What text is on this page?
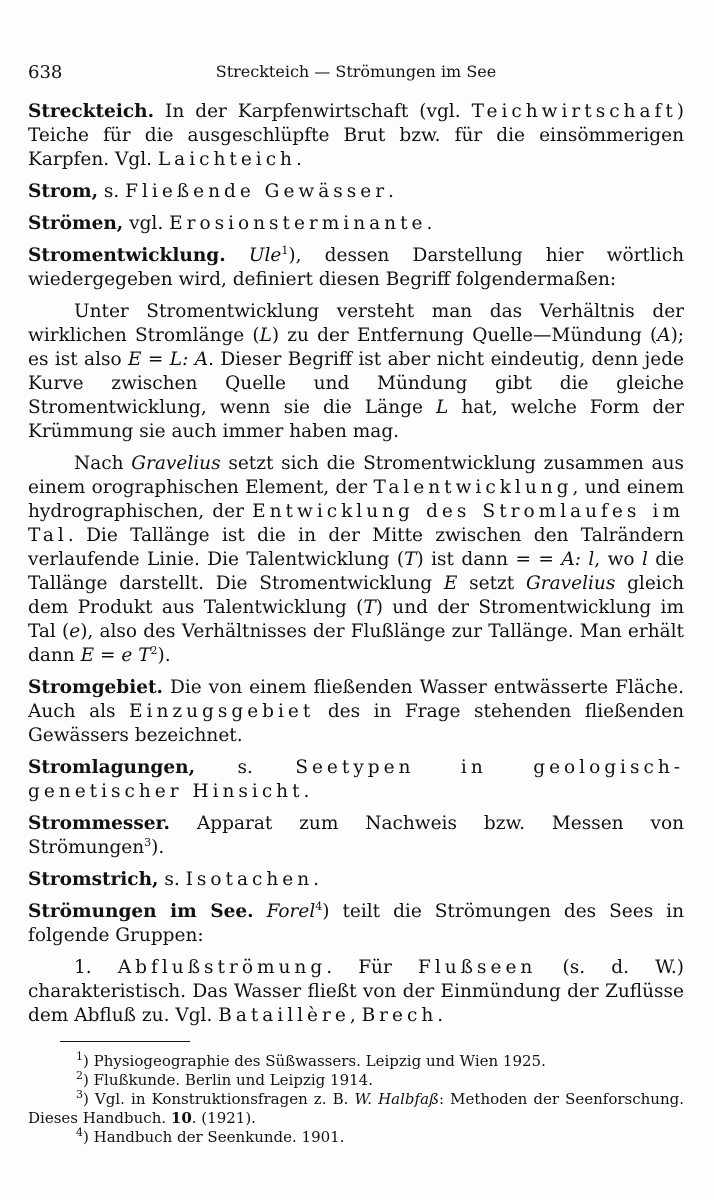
638	Streckteich — Strömungen im See

Streckteich. In der Karpfenwirtschaft (vgl. Teichwirtschaft) Teiche für die ausgeschlüpfte Brut bzw. für die einsömmerigen Karpfen. Vgl. Laichteich.

Strom, s. Fließende Gewässer.

Strömen, vgl. Erosionsterminante.

Stromentwicklung. Ule$^1$), dessen Darstellung hier wörtlich wiedergegeben wird, definiert diesen Begriff folgendermaßen:

Unter Stromentwicklung versteht man das Verhältnis der wirklichen Stromlänge (L) zu der Entfernung Quelle—Mündung (A); es ist also E = L: A. Dieser Begriff ist aber nicht eindeutig, denn jede Kurve zwischen Quelle und Mündung gibt die gleiche Stromentwicklung, wenn sie die Länge L hat, welche Form der Krümmung sie auch immer haben mag.

Nach Gravelius setzt sich die Stromentwicklung zusammen aus einem orographischen Element, der Talentwicklung, und einem hydrographischen, der Entwicklung des Stromlaufes im Tal. Die Tallänge ist die in der Mitte zwischen den Talrändern verlaufende Linie. Die Talentwicklung (T) ist dann = = A: l, wo l die Tallänge darstellt. Die Stromentwicklung E setzt Gravelius gleich dem Produkt aus Talentwicklung (T) und der Stromentwicklung im Tal (e), also des Verhältnisses der Flußlänge zur Tallänge. Man erhält dann E = e $T^2$).

Stromgebiet. Die von einem fließenden Wasser entwässerte Fläche. Auch als Einzugsgebiet des in Frage stehenden fließenden Gewässers bezeichnet.

Stromlagungen, s. Seetypen in geologisch-genetischer Hinsicht.

Strommesser. Apparat zum Nachweis bzw. Messen von Strömungen$^3$).

Stromstrich, s. Isotachen.

Strömungen im See. Forel$^4$) teilt die Strömungen des Sees in folgende Gruppen:

1. Abflußströmung. Für Flußseen (s. d. W.) charakteristisch. Das Wasser fließt von der Einmündung der Zuflüsse dem Abfluß zu. Vgl. Bataillère, Brech.

$^1$) Physiogeographie des Süßwassers. Leipzig und Wien 1925.

$^2$) Flußkunde. Berlin und Leipzig 1914.

$^3$) Vgl. in Konstruktionsfragen z. B. W. Halbfaß: Methoden der Seenforschung. Dieses Handbuch. 10. (1921).

$^4$) Handbuch der Seenkunde. 1901.
